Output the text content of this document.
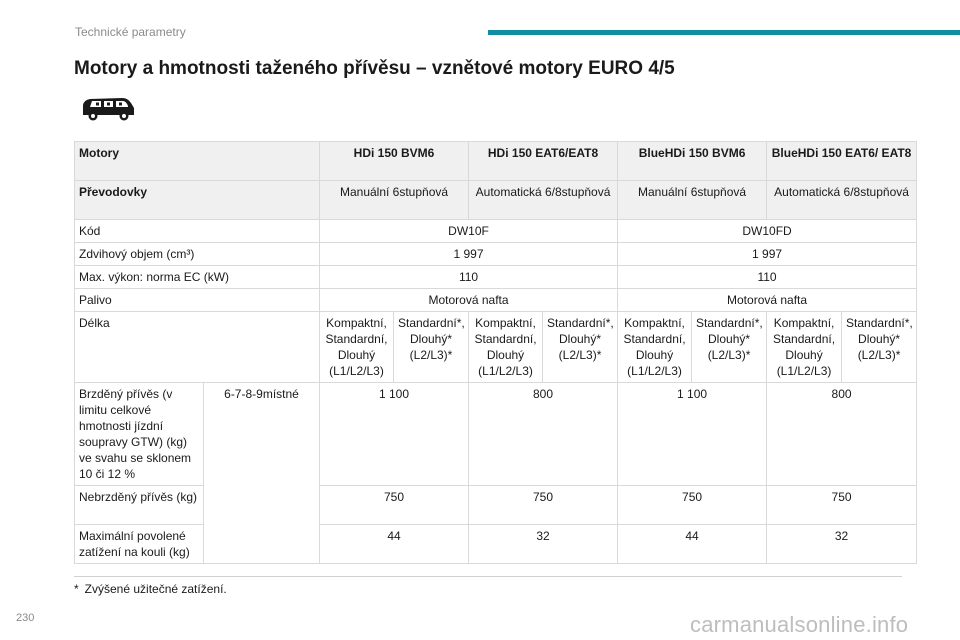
Technické parametry
Motory a hmotnosti taženého přívěsu – vznětové motory EURO 4/5
Motory		HDi 150 BVM6		HDi 150 EAT6/EAT8		BlueHDi 150 BVM6		BlueHDi 150 EAT6/ EAT8	
Převodovky		Manuální 6stupňová		Automatická 6/8stupňová		Manuální 6stupňová		Automatická 6/8stupňová	
Kód		DW10F				DW10FD			
Zdvihový objem (cm³)		1 997				1 997			
Max. výkon: norma EC (kW)		110				110			
Palivo		Motorová nafta				Motorová nafta			
Délka		Kompaktní, Standardní, Dlouhý (L1/L2/L3)	Standardní*, Dlouhý* (L2/L3)*	Kompaktní, Standardní, Dlouhý (L1/L2/L3)	Standardní*, Dlouhý* (L2/L3)*	Kompaktní, Standardní, Dlouhý (L1/L2/L3)	Standardní*, Dlouhý* (L2/L3)*	Kompaktní, Standardní, Dlouhý (L1/L2/L3)	Standardní*, Dlouhý* (L2/L3)*
Brzděný přívěs (v limitu celkové hmotnosti jízdní soupravy GTW) (kg) ve svahu se sklonem 10 či 12 %	6-7-8-9místné	1 100		800		1 100		800	
Nebrzděný přívěs (kg)		750		750		750		750	
Maximální povolené zatížení na kouli (kg)		44		32		44		32	
* Zvýšené užitečné zatížení.
230	carmanualsonline.info
